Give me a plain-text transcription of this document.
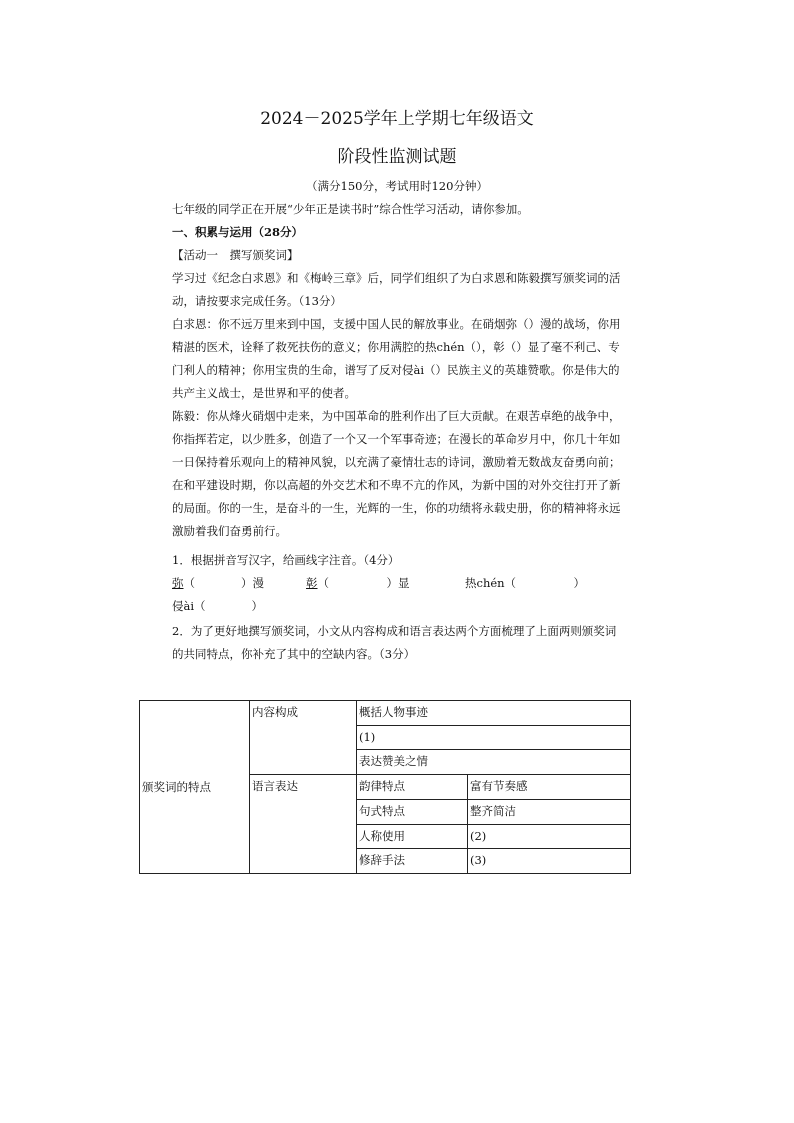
2024－2025学年上学期七年级语文
阶段性监测试题
（满分150分，考试用时120分钟）
七年级的同学正在开展“少年正是读书时”综合性学习活动，请你参加。
一、积累与运用（28分）
【活动一　撰写颁奖词】
学习过《纪念白求恩》和《梅岭三章》后，同学们组织了为白求恩和陈毅撰写颁奖词的活动，请按要求完成任务。（13分）
白求恩：你不远万里来到中国，支援中国人民的解放事业。在硝烟弥（）漫的战场，你用精湛的医术，诠释了救死扶伤的意义；你用满腔的热chén（），彰（）显了毫不利己、专门利人的精神；你用宝贵的生命，谱写了反对侵ài（）民族主义的英雄赞歌。你是伟大的共产主义战士，是世界和平的使者。
陈毅：你从烽火硝烟中走来，为中国革命的胜利作出了巨大贡献。在艰苦卓绝的战争中，你指挥若定，以少胜多，创造了一个又一个军事奇迹；在漫长的革命岁月中，你几十年如一日保持着乐观向上的精神风貌，以充满了豪情壮志的诗词，激励着无数战友奋勇向前；在和平建设时期，你以高超的外交艺术和不卑不亢的作风，为新中国的对外交往打开了新的局面。你的一生，是奋斗的一生，光辉的一生，你的功绩将永载史册，你的精神将永远激励着我们奋勇前行。
1．根据拼音写汉字，给画线字注音。（4分）
弥（　　　　）漫	彰（　　　　　）显	热chén（　　　　　）
侵ài（　　　　）
2．为了更好地撰写颁奖词，小文从内容构成和语言表达两个方面梳理了上面两则颁奖词的共同特点，你补充了其中的空缺内容。（3分）
颁奖词的特点	内容构成	概括人物事迹	
		(1)	
		表达赞美之情	
	语言表达	韵律特点	富有节奏感
		句式特点	整齐简洁
		人称使用	(2)
		修辞手法	(3)
